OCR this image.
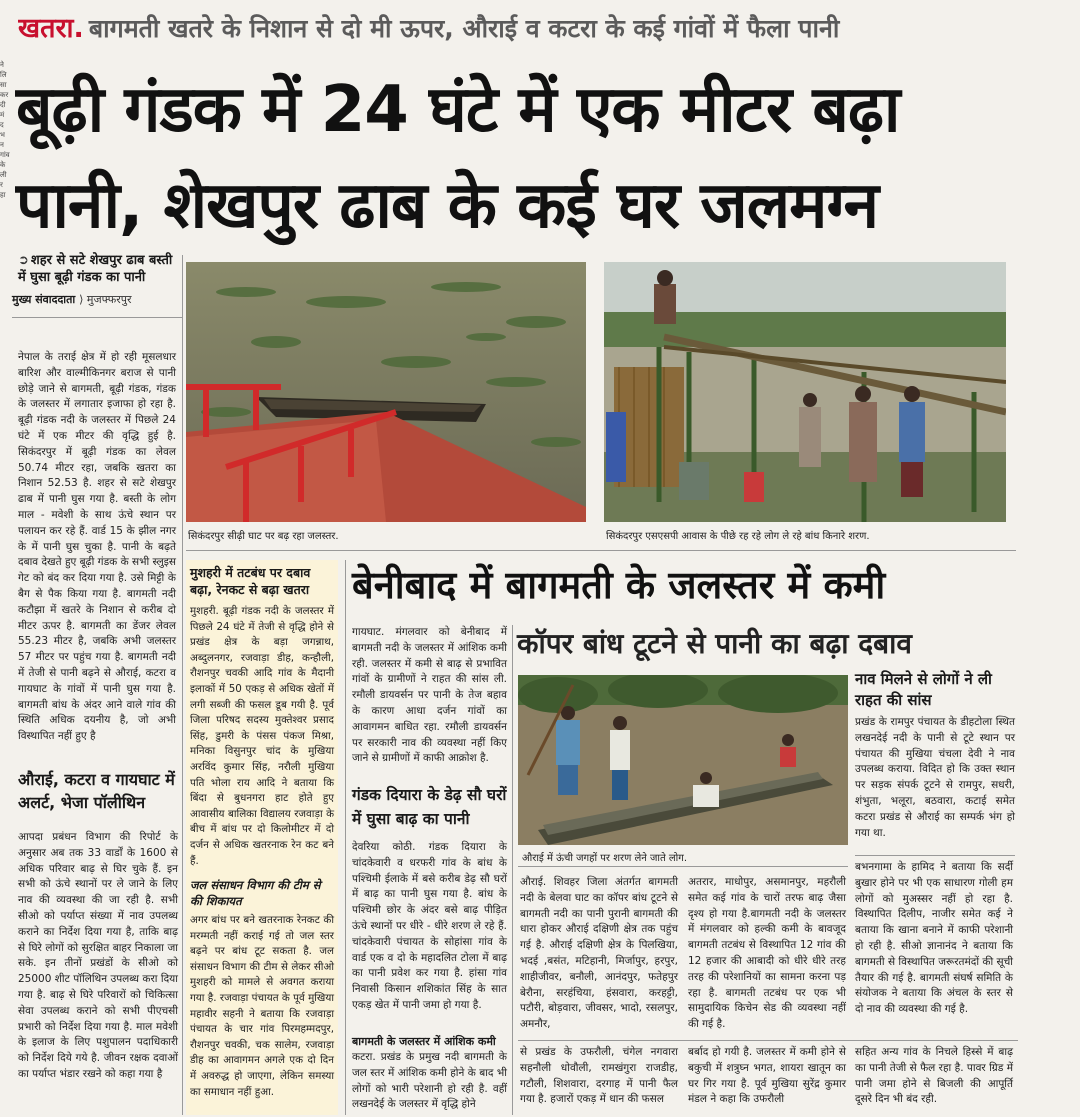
ने लि सा कर दी मं द भ न गांव के ली र हा
खतरा. बागमती खतरे के निशान से दो मी ऊपर, औराई व कटरा के कई गांवों में फैला पानी
बूढ़ी गंडक में 24 घंटे में एक मीटर बढ़ा
पानी, शेखपुर ढाब के कई घर जलमग्न
➲ शहर से सटे शेखपुर ढाब बस्ती में घुसा बूढ़ी गंडक का पानी
मुख्य संवाददाता ⟩ मुजफ्फरपुर
नेपाल के तराई क्षेत्र में हो रही मूसलधार बारिश और वाल्मीकिनगर बराज से पानी छोड़े जाने से बागमती, बूढ़ी गंडक, गंडक के जलस्तर में लगातार इजाफा हो रहा है. बूढ़ी गंडक नदी के जलस्तर में पिछले 24 घंटे में एक मीटर की वृद्धि हुई है. सिकंदरपुर में बूढ़ी गंडक का लेवल 50.74 मीटर रहा, जबकि खतरा का निशान 52.53 है. शहर से सटे शेखपुर ढाब में पानी घुस गया है. बस्ती के लोग माल - मवेशी के साथ ऊंचे स्थान पर पलायन कर रहे हैं. वार्ड 15 के झील नगर के में पानी घुस चुका है. पानी के बढ़ते दबाव देखते हुए बूढ़ी गंडक के सभी स्लुइस गेट को बंद कर दिया गया है. उसे मिट्टी के बैग से पैक किया गया है. बागमती नदी कटौझा में खतरे के निशान से करीब दो मीटर ऊपर है. बागमती का डेंजर लेवल 55.23 मीटर है, जबकि अभी जलस्तर 57 मीटर पर पहुंच गया है. बागमती नदी में तेजी से पानी बढ़ने से औराई, कटरा व गायघाट के गांवों में पानी घुस गया है. बागमती बांध के अंदर आने वाले गांव की स्थिति अधिक दयनीय है, जो अभी विस्थापित नहीं हुए है
औराई, कटरा व गायघाट में अलर्ट, भेजा पॉलीथिन
आपदा प्रबंधन विभाग की रिपोर्ट के अनुसार अब तक 33 वार्डों के 1600 से अधिक परिवार बाढ़ से घिर चुके हैं. इन सभी को ऊंचे स्थानों पर ले जाने के लिए नाव की व्यवस्था की जा रही है. सभी सीओ को पर्याप्त संख्या में नाव उपलब्ध कराने का निर्देश दिया गया है, ताकि बाढ़ से घिरे लोगों को सुरक्षित बाहर निकाला जा सके. इन तीनों प्रखंडों के सीओ को 25000 शीट पॉलिथिन उपलब्ध करा दिया गया है. बाढ़ से घिरे परिवारों को चिकित्सा सेवा उपलब्ध कराने को सभी पीएचसी प्रभारी को निर्देश दिया गया है. माल मवेशी के इलाज के लिए पशुपालन पदाधिकारी को निर्देश दिये गये है. जीवन रक्षक दवाओं का पर्याप्त भंडार रखने को कहा गया है
सिकंदरपुर सीढ़ी घाट पर बढ़ रहा जलस्तर.	सिकंदरपुर एसएसपी आवास के पीछे रह रहे लोग ले रहे बांध किनारे शरण.
मुशहरी में तटबंध पर दबाव बढ़ा, रेनकट से बढ़ा खतरा
मुशहरी. बूढ़ी गंडक नदी के जलस्तर में पिछले 24 घंटे में तेजी से वृद्धि होने से प्रखंड क्षेत्र के बड़ा जगन्नाथ, अब्दुलनगर, रजवाड़ा डीह, कन्हौली, रौशनपुर चवकी आदि गांव के मैदानी इलाकों में 50 एकड़ से अधिक खेतों में लगी सब्जी की फसल डूब गयी है. पूर्व जिला परिषद सदस्य मुक्तेश्वर प्रसाद सिंह, डुमरी के पंसस पंकज मिश्रा, मनिका विसुनपुर चांद के मुखिया अरविंद कुमार सिंह, नरौली मुखिया पति भोला राय आदि ने बताया कि बिंदा से बुधनगरा हाट होते हुए आवासीय बालिका विद्यालय रजवाड़ा के बीच में बांध पर दो किलोमीटर में दो दर्जन से अधिक खतरनाक रेन कट बने हैं.
जल संसाधन विभाग की टीम से की शिकायत
अगर बांध पर बने खतरनाक रेनकट की मरम्मती नहीं कराई गई तो जल स्तर बढ़ने पर बांध टूट सकता है. जल संसाधन विभाग की टीम से लेकर सीओ मुशहरी को मामले से अवगत कराया गया है. रजवाड़ा पंचायत के पूर्व मुखिया महावीर सहनी ने बताया कि रजवाड़ा पंचायत के चार गांव पिरमहम्मदपुर, रौशनपुर चवकी, चक सालेम, रजवाड़ा डीह का आवागमन अगले एक दो दिन में अवरुद्ध हो जाएगा, लेकिन समस्या का समाधान नहीं हुआ.
बेनीबाद में बागमती के जलस्तर में कमी
कॉपर बांध टूटने से पानी का बढ़ा दबाव
गायघाट. मंगलवार को बेनीबाद में बागमती नदी के जलस्तर में आंशिक कमी रही. जलस्तर में कमी से बाढ़ से प्रभावित गांवों के ग्रामीणों ने राहत की सांस ली. रमौली डायवर्सन पर पानी के तेज बहाव के कारण आधा दर्जन गांवों का आवागमन बाधित रहा. रमौली डायवर्सन पर सरकारी नाव की व्यवस्था नहीं किए जाने से ग्रामीणों में काफी आक्रोश है.
गंडक दियारा के डेढ़ सौ घरों में घुसा बाढ़ का पानी
देवरिया कोठी. गंडक दियारा के चांदकेवारी व धरफरी गांव के बांध के पश्चिमी ईलाके में बसे करीब डेढ़ सौ घरों में बाढ़ का पानी घुस गया है. बांध के पश्चिमी छोर के अंदर बसे बाढ़ पीड़ित ऊंचे स्थानों पर धीरे - धीरे शरण ले रहे हैं. चांदकेवारी पंचायत के सोहांसा गांव के वार्ड एक व दो के महादलित टोला में बाढ़ का पानी प्रवेश कर गया है. हांसा गांव निवासी किसान शशिकांत सिंह के सात एकड़ खेत में पानी जमा हो गया है.
बागमती के जलस्तर में आंशिक कमी
कटरा. प्रखंड के प्रमुख नदी बागमती के जल स्तर में आंशिक कमी होने के बाद भी लोगों को भारी परेशानी हो रही है. वहीं लखनदेई के जलस्तर में वृद्धि होने
औराई में ऊंची जगहों पर शरण लेने जाते लोग.
नाव मिलने से लोगों ने ली राहत की सांस
प्रखंड के रामपुर पंचायत के डीहटोला स्थित लखनदेई नदी के पानी से टूटे स्थान पर पंचायत की मुखिया चंचला देवी ने नाव उपलब्ध कराया. विदित हो कि उक्त स्थान पर सड़क संपर्क टूटने से रामपुर, सधरी, शंभुता, भलूरा, बठवारा, कटाई समेत कटरा प्रखंड से औराई का सम्पर्क भंग हो गया था.
औराई. शिवहर जिला अंतर्गत बागमती नदी के बेलवा घाट का कॉपर बांध टूटने से बागमती नदी का पानी पुरानी बागमती की धारा होकर औराई दक्षिणी क्षेत्र तक पहुंच गई है. औराई दक्षिणी क्षेत्र के पिलखिया, भदई ,बसंत, मटिहानी, मिर्जापुर, हरपुर, शाहीजीवर, बनौली, आनंदपुर, फतेहपुर बेरौना, सरहंचिया, हंसवारा, करहट्टी, पटौरी, बोड़वारा, जीवसर, भादो, रसलपुर, अमनौर,
अतरार, माधोपुर, असमानपुर, महरौली समेत कई गांव के चारों तरफ बाढ़ जैसा दृश्य हो गया है.बागमती नदी के जलस्तर में मंगलवार को हल्की कमी के बावजूद बागमती तटबंध से विस्थापित 12 गांव की 12 हजार की आबादी को धीरे धीरे तरह तरह की परेशानियों का सामना करना पड़ रहा है. बागमती तटबंध पर एक भी सामुदायिक किचेन सेड की व्यवस्था नहीं की गई है.
बभनगामा के हामिद ने बताया कि सर्दी बुखार होने पर भी एक साधारण गोली हम लोगों को मुअस्सर नहीं हो रहा है. विस्थापित दिलीप, नाजीर समेत कई ने बताया कि खाना बनाने में काफी परेशानी हो रही है. सीओ ज्ञानानंद ने बताया कि बागमती से विस्थापित जरूरतमंदों की सूची तैयार की गई है. बागमती संघर्ष समिति के संयोजक ने बताया कि अंचल के स्तर से दो नाव की व्यवस्था की गई है.
से प्रखंड के उफरौली, चंगेल नगवारा सहनौली धोवौली, रामखंगुरा राजडीह, गटौली, शिशवारा, दरगाह में पानी फैल गया है. हजारों एकड़ में धान की फसल
बर्बाद हो गयी है. जलस्तर में कमी होने से बकुची में शत्रुघ्न भगत, शायरा खातून का घर गिर गया है. पूर्व मुखिया सुरेंद्र कुमार मंडल ने कहा कि उफरौली
सहित अन्य गांव के निचले हिस्से में बाढ़ का पानी तेजी से फैल रहा है. पावर ग्रिड में पानी जमा होने से बिजली की आपूर्ति दूसरे दिन भी बंद रही.
